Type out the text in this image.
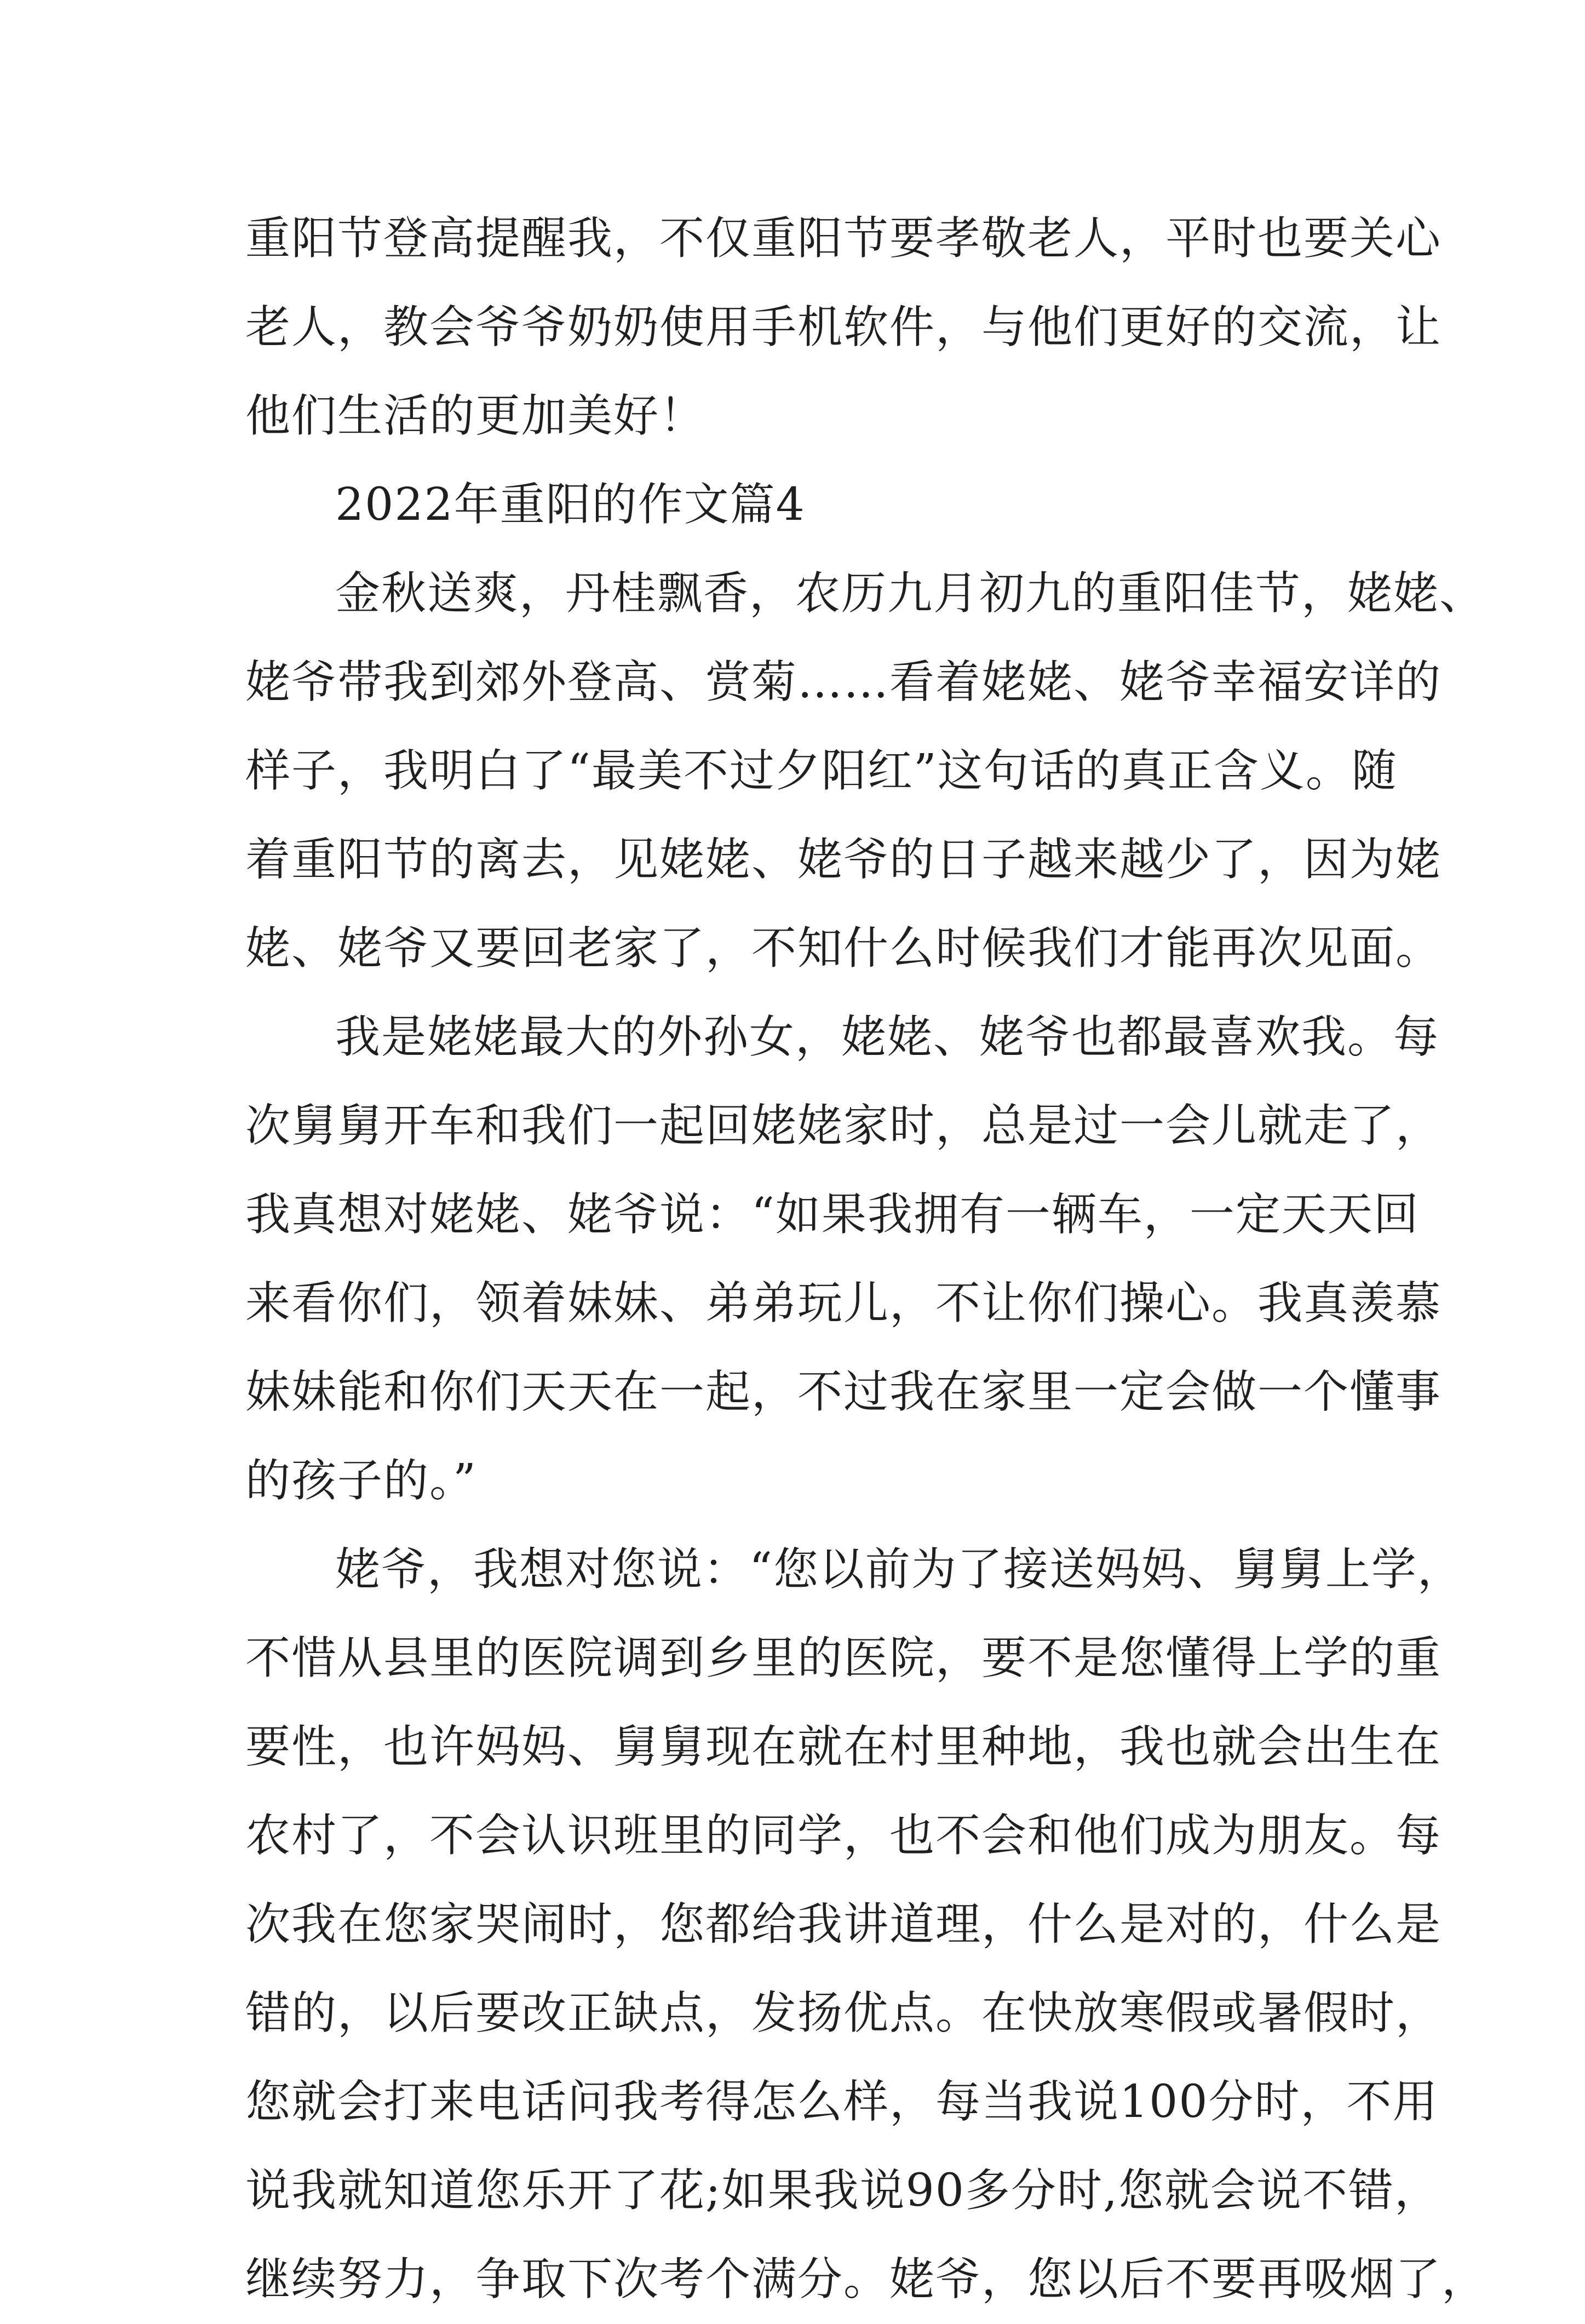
重阳节登高提醒我，不仅重阳节要孝敬老人，平时也要关心
老人，教会爷爷奶奶使用手机软件，与他们更好的交流，让
他们生活的更加美好！
2022年重阳的作文篇4
金秋送爽，丹桂飘香，农历九月初九的重阳佳节，姥姥、
姥爷带我到郊外登高、赏菊……看着姥姥、姥爷幸福安详的
样子，我明白了“最美不过夕阳红”这句话的真正含义。随
着重阳节的离去，见姥姥、姥爷的日子越来越少了，因为姥
姥、姥爷又要回老家了，不知什么时候我们才能再次见面。
我是姥姥最大的外孙女，姥姥、姥爷也都最喜欢我。每
次舅舅开车和我们一起回姥姥家时，总是过一会儿就走了，
我真想对姥姥、姥爷说：“如果我拥有一辆车，一定天天回
来看你们，领着妹妹、弟弟玩儿，不让你们操心。我真羡慕
妹妹能和你们天天在一起，不过我在家里一定会做一个懂事
的孩子的。”
姥爷，我想对您说：“您以前为了接送妈妈、舅舅上学，
不惜从县里的医院调到乡里的医院，要不是您懂得上学的重
要性，也许妈妈、舅舅现在就在村里种地，我也就会出生在
农村了，不会认识班里的同学，也不会和他们成为朋友。每
次我在您家哭闹时，您都给我讲道理，什么是对的，什么是
错的，以后要改正缺点，发扬优点。在快放寒假或暑假时，
您就会打来电话问我考得怎么样，每当我说100分时，不用
说我就知道您乐开了花;如果我说90多分时,您就会说不错，
继续努力，争取下次考个满分。姥爷，您以后不要再吸烟了，
